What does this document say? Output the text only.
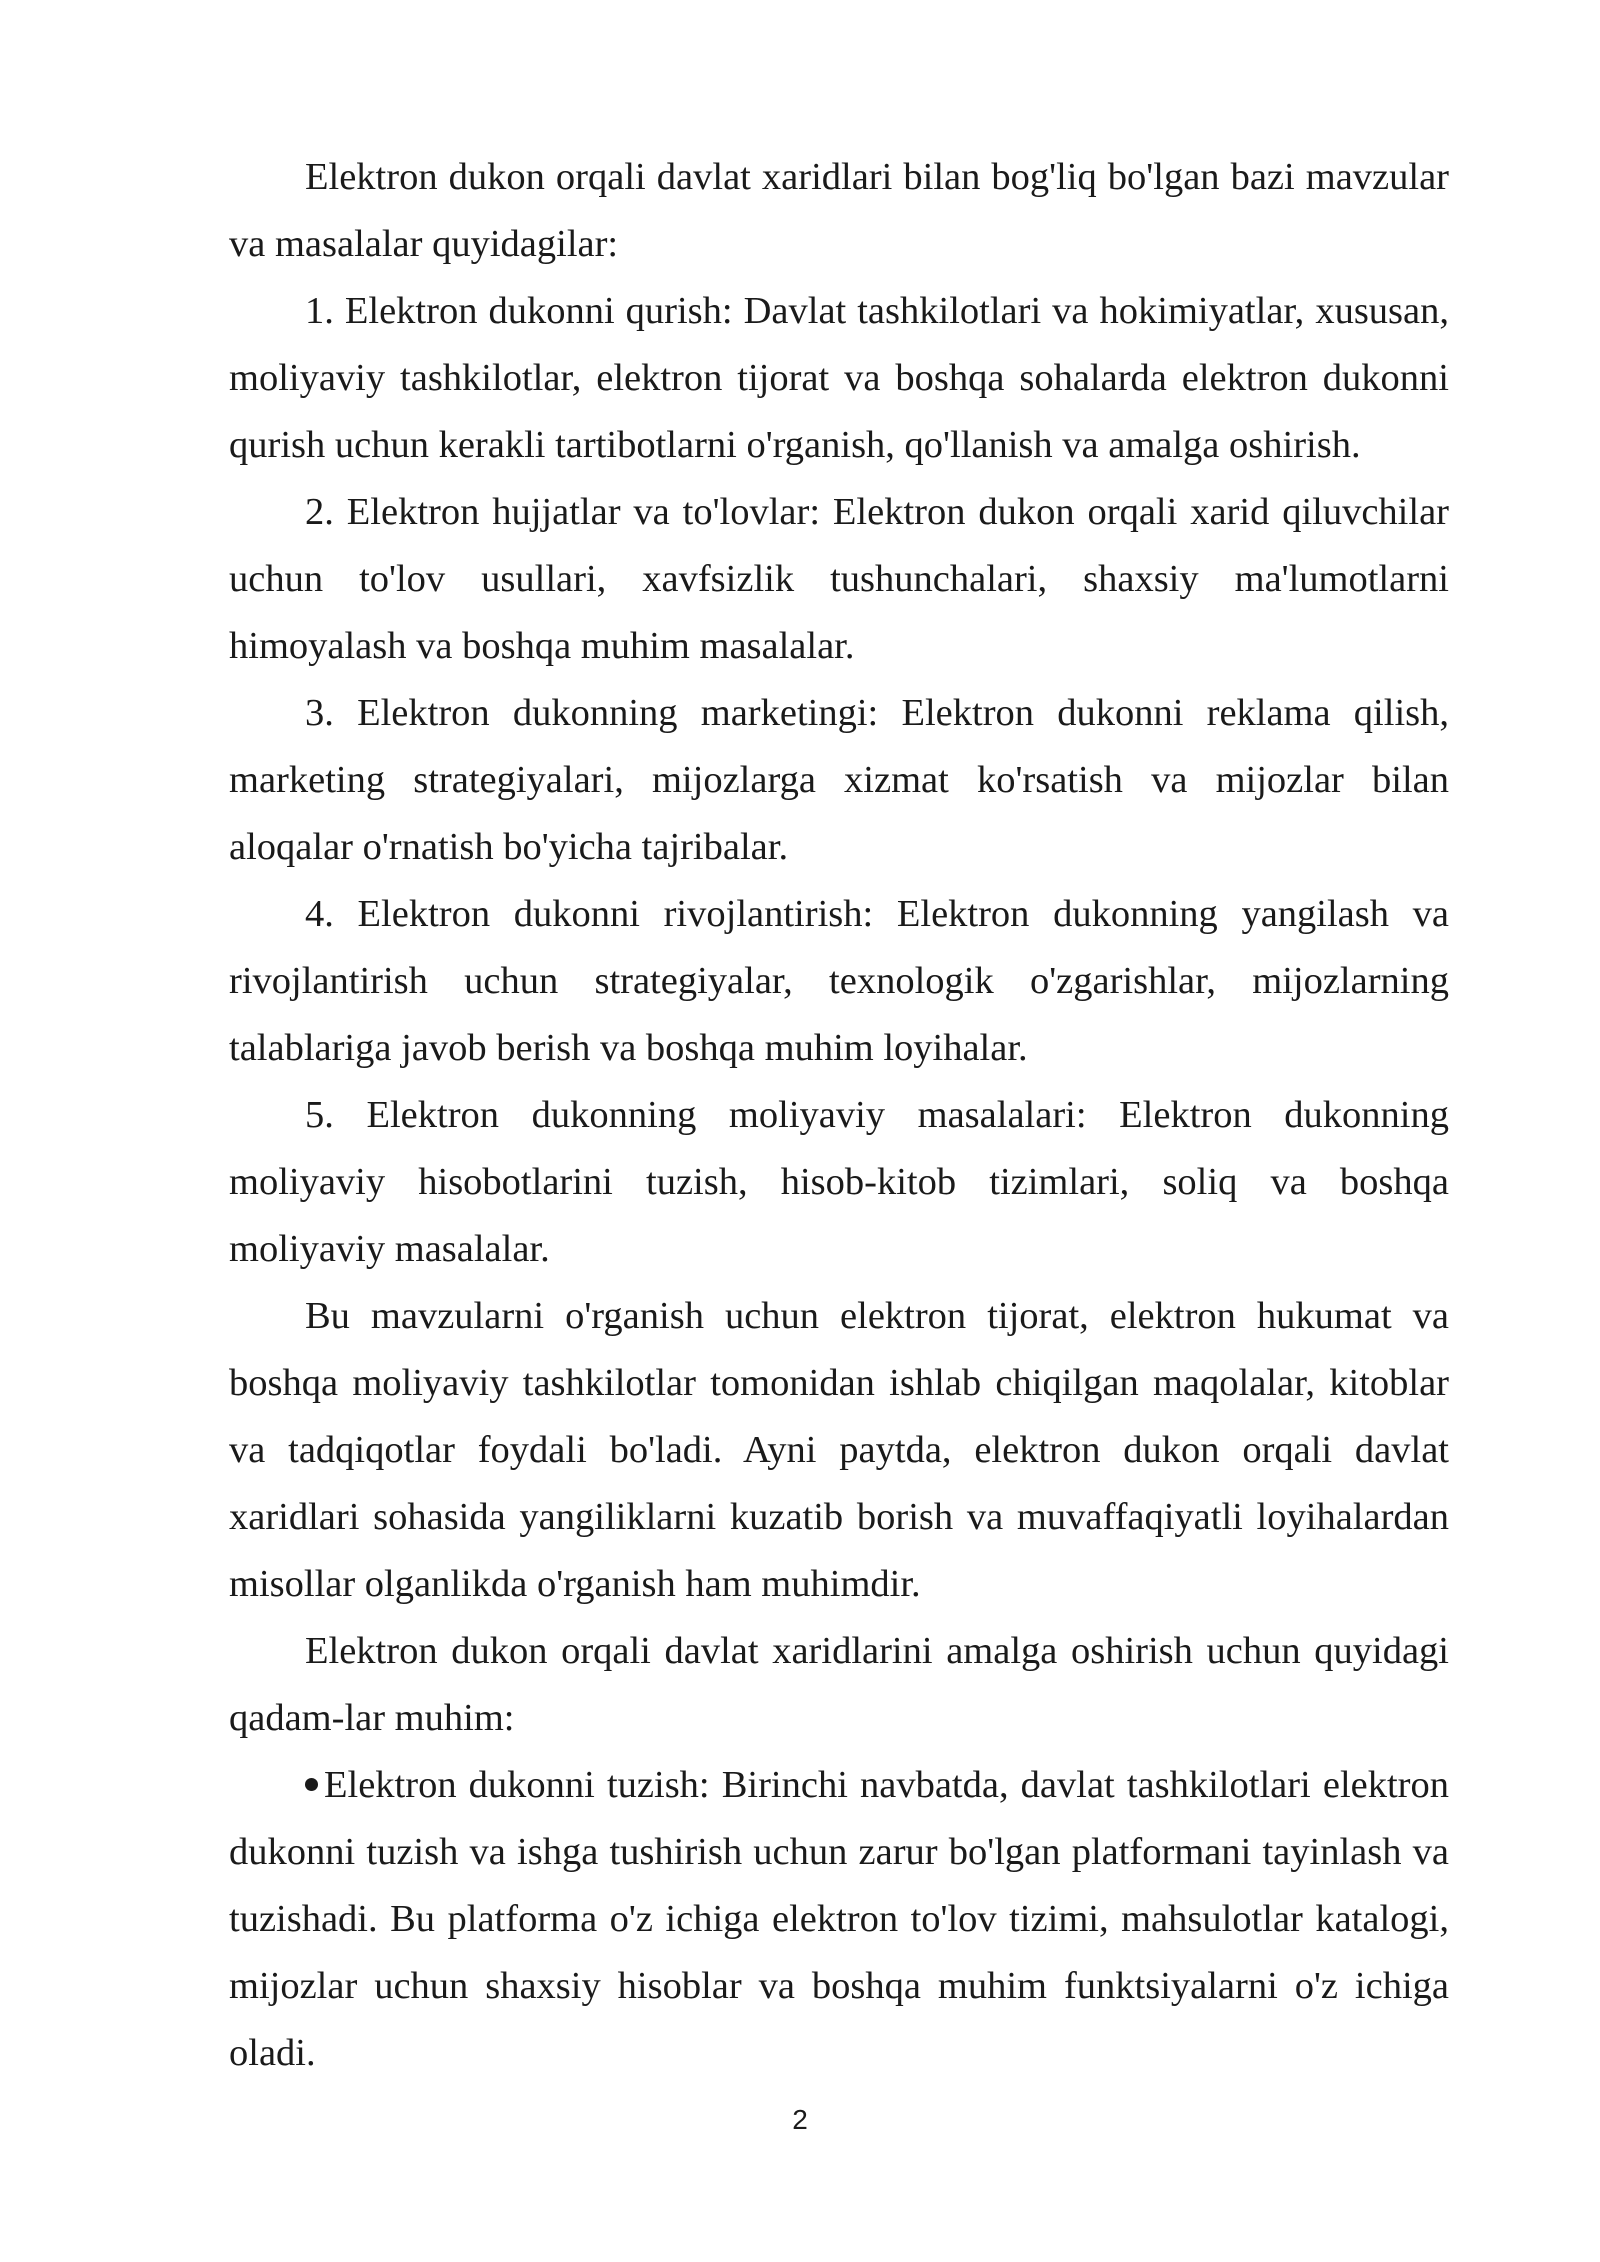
Elektron dukon orqali davlat xaridlari bilan bog'liq bo'lgan bazi mavzular va masalalar quyidagilar:

1. Elektron dukonni qurish: Davlat tashkilotlari va hokimiyatlar, xususan, moliyaviy tashkilotlar, elektron tijorat va boshqa sohalarda elektron dukonni qurish uchun kerakli tartibotlarni o'rganish, qo'llanish va amalga oshirish.

2. Elektron hujjatlar va to'lovlar: Elektron dukon orqali xarid qiluvchilar uchun to'lov usullari, xavfsizlik tushunchalari, shaxsiy ma'lumotlarni himoyalash va boshqa muhim masalalar.

3. Elektron dukonning marketingi: Elektron dukonni reklama qilish, marketing strategiyalari, mijozlarga xizmat ko'rsatish va mijozlar bilan aloqalar o'rnatish bo'yicha tajribalar.

4. Elektron dukonni rivojlantirish: Elektron dukonning yangilash va rivojlantirish uchun strategiyalar, texnologik o'zgarishlar, mijozlarning talablariga javob berish va boshqa muhim loyihalar.

5. Elektron dukonning moliyaviy masalalari: Elektron dukonning moliyaviy hisobotlarini tuzish, hisob-kitob tizimlari, soliq va boshqa moliyaviy masalalar.

Bu mavzularni o'rganish uchun elektron tijorat, elektron hukumat va boshqa moliyaviy tashkilotlar tomonidan ishlab chiqilgan maqolalar, kitoblar va tadqiqotlar foydali bo'ladi. Ayni paytda, elektron dukon orqali davlat xaridlari sohasida yangiliklarni kuzatib borish va muvaffaqiyatli loyihalardan misollar olganlikda o'rganish ham muhimdir.

Elektron dukon orqali davlat xaridlarini amalga oshirish uchun quyidagi qadam-lar muhim:

Elektron dukonni tuzish: Birinchi navbatda, davlat tashkilotlari elektron dukonni tuzish va ishga tushirish uchun zarur bo'lgan platformani tayinlash va tuzishadi. Bu platforma o'z ichiga elektron to'lov tizimi, mahsulotlar katalogi, mijozlar uchun shaxsiy hisoblar va boshqa muhim funktsiyalarni o'z ichiga oladi.

2
